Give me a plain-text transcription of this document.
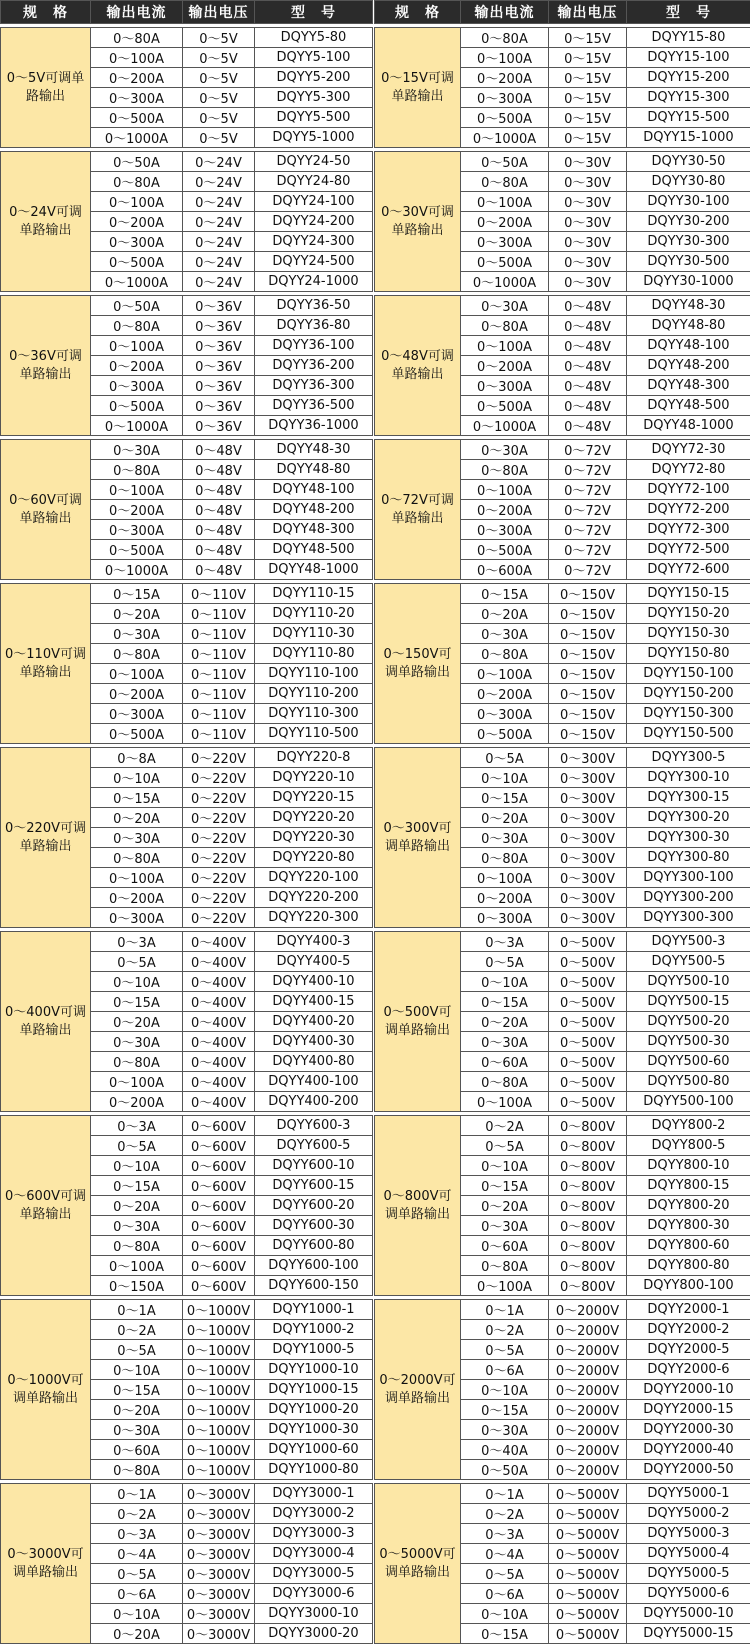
规　格	输出电流	输出电压	型　号

0～5V可调单路输出	0～80A	0～5V	DQYY5-80
	0～100A	0～5V	DQYY5-100
	0～200A	0～5V	DQYY5-200
	0～300A	0～5V	DQYY5-300
	0～500A	0～5V	DQYY5-500
	0～1000A	0～5V	DQYY5-1000

0～24V可调单路输出	0～50A	0～24V	DQYY24-50
	0～80A	0～24V	DQYY24-80
	0～100A	0～24V	DQYY24-100
	0～200A	0～24V	DQYY24-200
	0～300A	0～24V	DQYY24-300
	0～500A	0～24V	DQYY24-500
	0～1000A	0～24V	DQYY24-1000

0～36V可调单路输出	0～50A	0～36V	DQYY36-50
	0～80A	0～36V	DQYY36-80
	0～100A	0～36V	DQYY36-100
	0～200A	0～36V	DQYY36-200
	0～300A	0～36V	DQYY36-300
	0～500A	0～36V	DQYY36-500
	0～1000A	0～36V	DQYY36-1000

0～60V可调单路输出	0～30A	0～48V	DQYY48-30
	0～80A	0～48V	DQYY48-80
	0～100A	0～48V	DQYY48-100
	0～200A	0～48V	DQYY48-200
	0～300A	0～48V	DQYY48-300
	0～500A	0～48V	DQYY48-500
	0～1000A	0～48V	DQYY48-1000

0～110V可调单路输出	0～15A	0～110V	DQYY110-15
	0～20A	0～110V	DQYY110-20
	0～30A	0～110V	DQYY110-30
	0～80A	0～110V	DQYY110-80
	0～100A	0～110V	DQYY110-100
	0～200A	0～110V	DQYY110-200
	0～300A	0～110V	DQYY110-300
	0～500A	0～110V	DQYY110-500

0～220V可调单路输出	0～8A	0～220V	DQYY220-8
	0～10A	0～220V	DQYY220-10
	0～15A	0～220V	DQYY220-15
	0～20A	0～220V	DQYY220-20
	0～30A	0～220V	DQYY220-30
	0～80A	0～220V	DQYY220-80
	0～100A	0～220V	DQYY220-100
	0～200A	0～220V	DQYY220-200
	0～300A	0～220V	DQYY220-300

0～400V可调单路输出	0～3A	0～400V	DQYY400-3
	0～5A	0～400V	DQYY400-5
	0～10A	0～400V	DQYY400-10
	0～15A	0～400V	DQYY400-15
	0～20A	0～400V	DQYY400-20
	0～30A	0～400V	DQYY400-30
	0～80A	0～400V	DQYY400-80
	0～100A	0～400V	DQYY400-100
	0～200A	0～400V	DQYY400-200

0～600V可调单路输出	0～3A	0～600V	DQYY600-3
	0～5A	0～600V	DQYY600-5
	0～10A	0～600V	DQYY600-10
	0～15A	0～600V	DQYY600-15
	0～20A	0～600V	DQYY600-20
	0～30A	0～600V	DQYY600-30
	0～80A	0～600V	DQYY600-80
	0～100A	0～600V	DQYY600-100
	0～150A	0～600V	DQYY600-150

0～1000V可调单路输出	0～1A	0～1000V	DQYY1000-1
	0～2A	0～1000V	DQYY1000-2
	0～5A	0～1000V	DQYY1000-5
	0～10A	0～1000V	DQYY1000-10
	0～15A	0～1000V	DQYY1000-15
	0～20A	0～1000V	DQYY1000-20
	0～30A	0～1000V	DQYY1000-30
	0～60A	0～1000V	DQYY1000-60
	0～80A	0～1000V	DQYY1000-80

0～3000V可调单路输出	0～1A	0～3000V	DQYY3000-1
	0～2A	0～3000V	DQYY3000-2
	0～3A	0～3000V	DQYY3000-3
	0～4A	0～3000V	DQYY3000-4
	0～5A	0～3000V	DQYY3000-5
	0～6A	0～3000V	DQYY3000-6
	0～10A	0～3000V	DQYY3000-10
	0～20A	0～3000V	DQYY3000-20
规　格	输出电流	输出电压	型　号

0～15V可调单路输出	0～80A	0～15V	DQYY15-80
	0～100A	0～15V	DQYY15-100
	0～200A	0～15V	DQYY15-200
	0～300A	0～15V	DQYY15-300
	0～500A	0～15V	DQYY15-500
	0～1000A	0～15V	DQYY15-1000

0～30V可调单路输出	0～50A	0～30V	DQYY30-50
	0～80A	0～30V	DQYY30-80
	0～100A	0～30V	DQYY30-100
	0～200A	0～30V	DQYY30-200
	0～300A	0～30V	DQYY30-300
	0～500A	0～30V	DQYY30-500
	0～1000A	0～30V	DQYY30-1000

0～48V可调单路输出	0～30A	0～48V	DQYY48-30
	0～80A	0～48V	DQYY48-80
	0～100A	0～48V	DQYY48-100
	0～200A	0～48V	DQYY48-200
	0～300A	0～48V	DQYY48-300
	0～500A	0～48V	DQYY48-500
	0～1000A	0～48V	DQYY48-1000

0～72V可调单路输出	0～30A	0～72V	DQYY72-30
	0～80A	0～72V	DQYY72-80
	0～100A	0～72V	DQYY72-100
	0～200A	0～72V	DQYY72-200
	0～300A	0～72V	DQYY72-300
	0～500A	0～72V	DQYY72-500
	0～600A	0～72V	DQYY72-600

0～150V可调单路输出	0～15A	0～150V	DQYY150-15
	0～20A	0～150V	DQYY150-20
	0～30A	0～150V	DQYY150-30
	0～80A	0～150V	DQYY150-80
	0～100A	0～150V	DQYY150-100
	0～200A	0～150V	DQYY150-200
	0～300A	0～150V	DQYY150-300
	0～500A	0～150V	DQYY150-500

0～300V可调单路输出	0～5A	0～300V	DQYY300-5
	0～10A	0～300V	DQYY300-10
	0～15A	0～300V	DQYY300-15
	0～20A	0～300V	DQYY300-20
	0～30A	0～300V	DQYY300-30
	0～80A	0～300V	DQYY300-80
	0～100A	0～300V	DQYY300-100
	0～200A	0～300V	DQYY300-200
	0～300A	0～300V	DQYY300-300

0～500V可调单路输出	0～3A	0～500V	DQYY500-3
	0～5A	0～500V	DQYY500-5
	0～10A	0～500V	DQYY500-10
	0～15A	0～500V	DQYY500-15
	0～20A	0～500V	DQYY500-20
	0～30A	0～500V	DQYY500-30
	0～60A	0～500V	DQYY500-60
	0～80A	0～500V	DQYY500-80
	0～100A	0～500V	DQYY500-100

0～800V可调单路输出	0～2A	0～800V	DQYY800-2
	0～5A	0～800V	DQYY800-5
	0～10A	0～800V	DQYY800-10
	0～15A	0～800V	DQYY800-15
	0～20A	0～800V	DQYY800-20
	0～30A	0～800V	DQYY800-30
	0～60A	0～800V	DQYY800-60
	0～80A	0～800V	DQYY800-80
	0～100A	0～800V	DQYY800-100

0～2000V可调单路输出	0～1A	0～2000V	DQYY2000-1
	0～2A	0～2000V	DQYY2000-2
	0～5A	0～2000V	DQYY2000-5
	0～6A	0～2000V	DQYY2000-6
	0～10A	0～2000V	DQYY2000-10
	0～15A	0～2000V	DQYY2000-15
	0～30A	0～2000V	DQYY2000-30
	0～40A	0～2000V	DQYY2000-40
	0～50A	0～2000V	DQYY2000-50

0～5000V可调单路输出	0～1A	0～5000V	DQYY5000-1
	0～2A	0～5000V	DQYY5000-2
	0～3A	0～5000V	DQYY5000-3
	0～4A	0～5000V	DQYY5000-4
	0～5A	0～5000V	DQYY5000-5
	0～6A	0～5000V	DQYY5000-6
	0～10A	0～5000V	DQYY5000-10
	0～15A	0～5000V	DQYY5000-15
